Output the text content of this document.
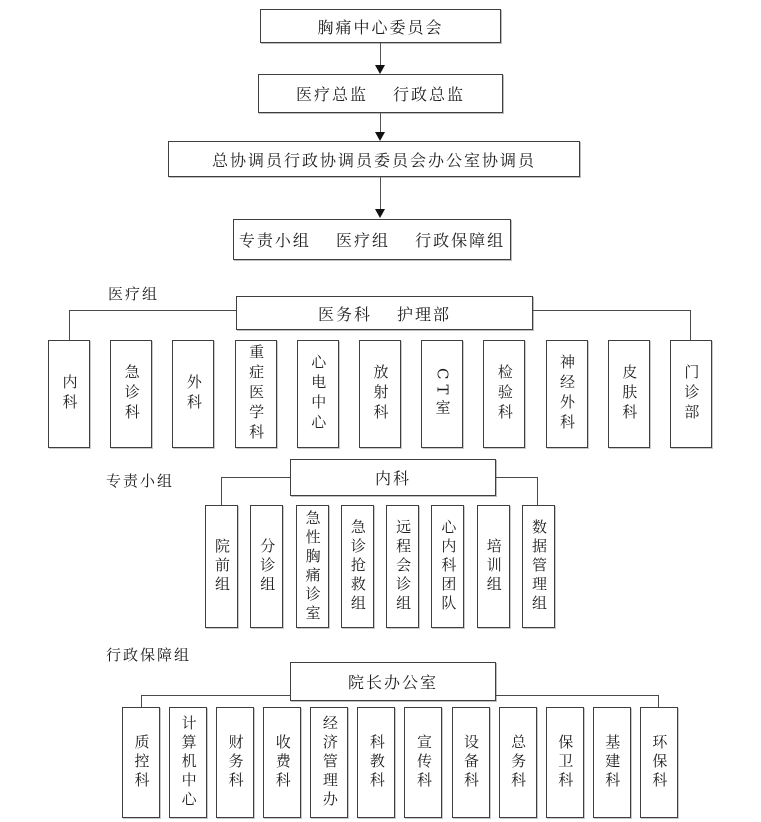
胸痛中心委员会
医疗总监　 行政总监
总协调员行政协调员委员会办公室协调员
专责小组　 医疗组　 行政保障组
医疗组
医务科　 护理部
内科	急诊科	外科	重症医学科	心电中心	放射科	CT室	检验科	神经外科	皮肤科	门诊部
专责小组	内科
院前组 分诊组 急性胸痛诊室 急诊抢救组 远程会诊组 心内科团队 培训组 数据管理组
行政保障组
院长办公室
质控科 计算机中心 财务科 收费科 经济管理办 科教科 宣传科 设备科 总务科 保卫科 基建科 环保科
